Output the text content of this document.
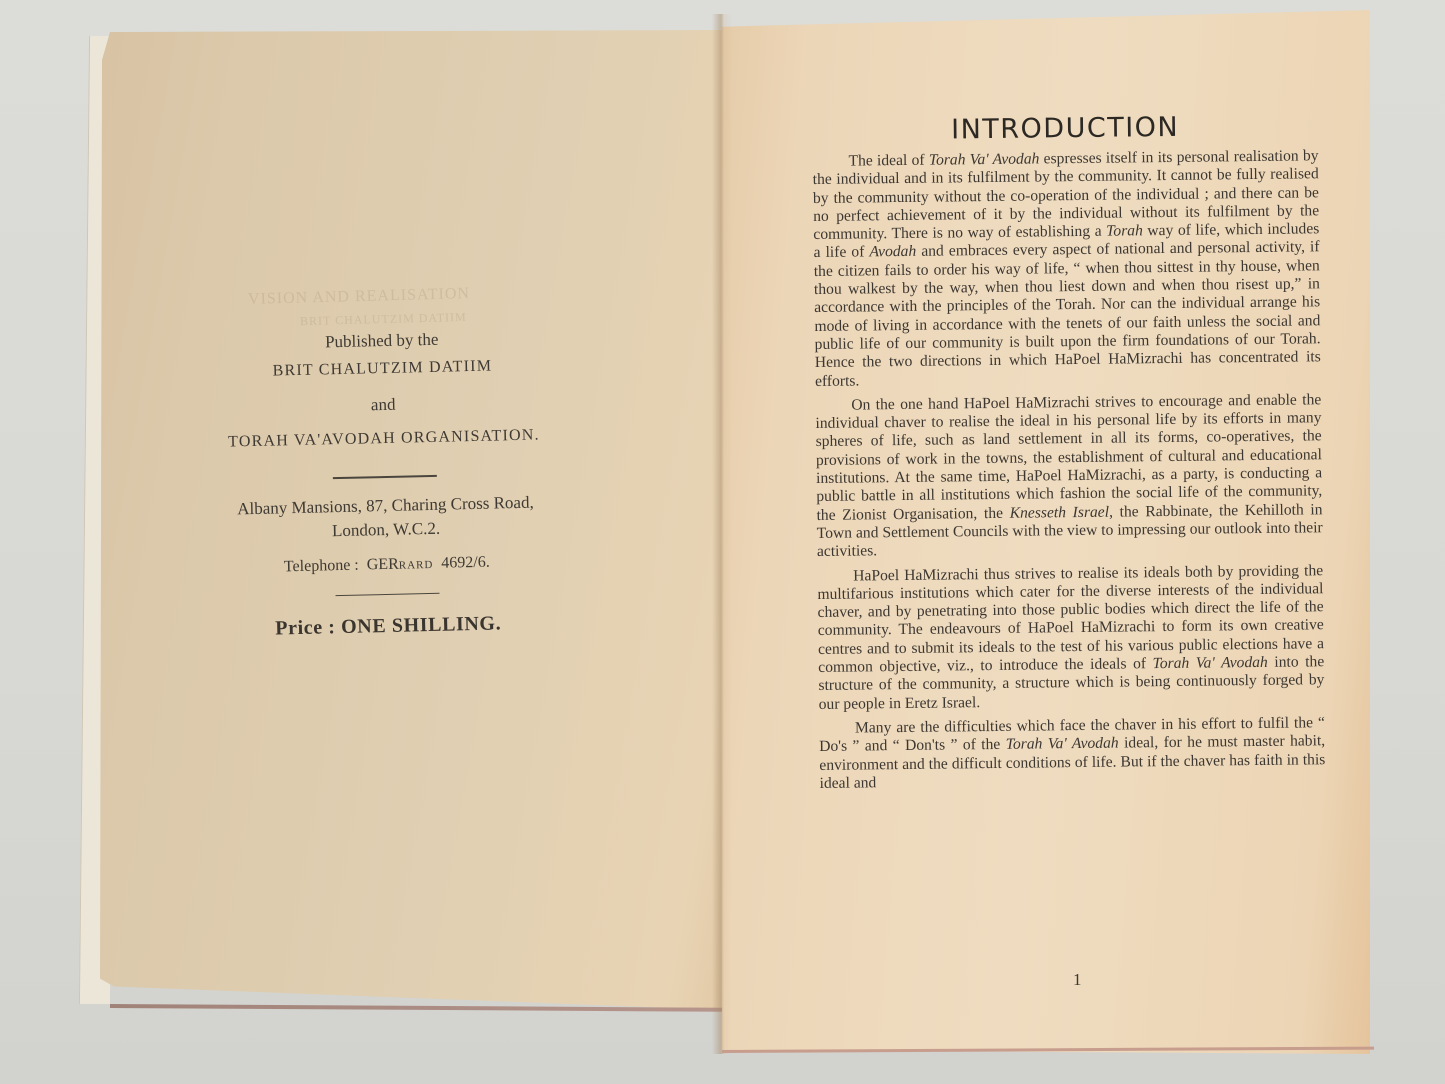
VISION AND REALISATION
BRIT CHALUTZIM DATIIM
Published by the
BRIT CHALUTZIM DATIIM
and
TORAH VA'AVODAH ORGANISATION.
Albany Mansions, 87, Charing Cross Road,
London, W.C.2.
Telephone : GERrard 4692/6.
Price : ONE SHILLING.
INTRODUCTION

The ideal of Torah Va' Avodah espresses itself in its personal realisation by the individual and in its fulfilment by the community. It cannot be fully realised by the community without the co-operation of the individual ; and there can be no perfect achievement of it by the individual without its fulfilment by the community. There is no way of establishing a Torah way of life, which includes a life of Avodah and embraces every aspect of national and personal activity, if the citizen fails to order his way of life, “ when thou sittest in thy house, when thou walkest by the way, when thou liest down and when thou risest up,” in accordance with the principles of the Torah. Nor can the individual arrange his mode of living in accordance with the tenets of our faith unless the social and public life of our community is built upon the firm foundations of our Torah. Hence the two directions in which HaPoel HaMizrachi has concentrated its efforts.

On the one hand HaPoel HaMizrachi strives to encourage and enable the individual chaver to realise the ideal in his personal life by its efforts in many spheres of life, such as land settlement in all its forms, co-operatives, the provisions of work in the towns, the establishment of cultural and educational institutions. At the same time, HaPoel HaMizrachi, as a party, is conducting a public battle in all institutions which fashion the social life of the community, the Zionist Organisation, the Knesseth Israel, the Rabbinate, the Kehilloth in Town and Settlement Councils with the view to impressing our outlook into their activities.

HaPoel HaMizrachi thus strives to realise its ideals both by providing the multifarious institutions which cater for the diverse interests of the individual chaver, and by penetrating into those public bodies which direct the life of the community. The endeavours of HaPoel HaMizrachi to form its own creative centres and to submit its ideals to the test of his various public elections have a common objective, viz., to introduce the ideals of Torah Va' Avodah into the structure of the community, a structure which is being continuously forged by our people in Eretz Israel.

Many are the difficulties which face the chaver in his effort to fulfil the “ Do's ” and “ Don'ts ” of the Torah Va' Avodah ideal, for he must master habit, environment and the difficult conditions of life. But if the chaver has faith in this ideal and

1
